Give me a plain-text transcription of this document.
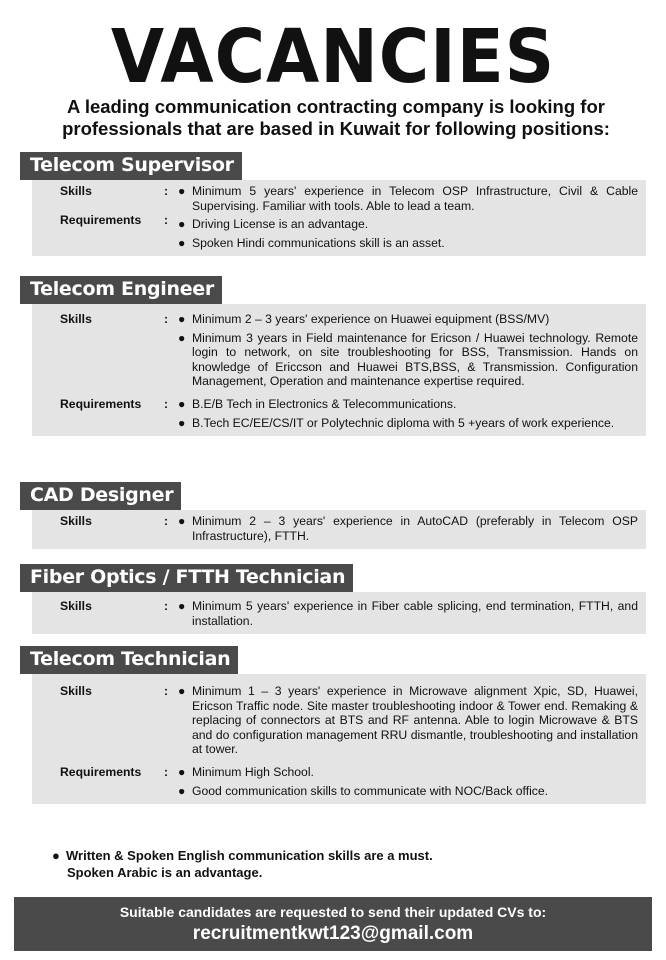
VACANCIES
A leading communication contracting company is looking for professionals that are based in Kuwait for following positions:
Telecom Supervisor
Skills	: ● Minimum 5 years' experience in Telecom OSP Infrastructure, Civil & Cable Supervising. Familiar with tools. Able to lead a team.
Requirements	: ● Driving License is an advantage.
● Spoken Hindi communications skill is an asset.
Telecom Engineer
Skills	: ● Minimum 2 – 3 years' experience on Huawei equipment (BSS/MV)
● Minimum 3 years in Field maintenance for Ericson / Huawei technology. Remote login to network, on site troubleshooting for BSS, Transmission. Hands on knowledge of Ericcson and Huawei BTS,BSS, & Transmission. Configuration Management, Operation and maintenance expertise required.
Requirements	: ● B.E/B Tech in Electronics & Telecommunications.
● B.Tech EC/EE/CS/IT or Polytechnic diploma with 5 +years of work experience.
CAD Designer
Skills	: ● Minimum 2 – 3 years' experience in AutoCAD (preferably in Telecom OSP Infrastructure), FTTH.
Fiber Optics / FTTH Technician
Skills	: ● Minimum 5 years' experience in Fiber cable splicing, end termination, FTTH, and installation.
Telecom Technician
Skills	: ● Minimum 1 – 3 years' experience in Microwave alignment Xpic, SD, Huawei, Ericson Traffic node. Site master troubleshooting indoor & Tower end. Remaking & replacing of connectors at BTS and RF antenna. Able to login Microwave & BTS and do configuration management RRU dismantle, troubleshooting and installation at tower.
Requirements	: ● Minimum High School.
● Good communication skills to communicate with NOC/Back office.
● Written & Spoken English communication skills are a must.
Spoken Arabic is an advantage.
Suitable candidates are requested to send their updated CVs to:
recruitmentkwt123@gmail.com
